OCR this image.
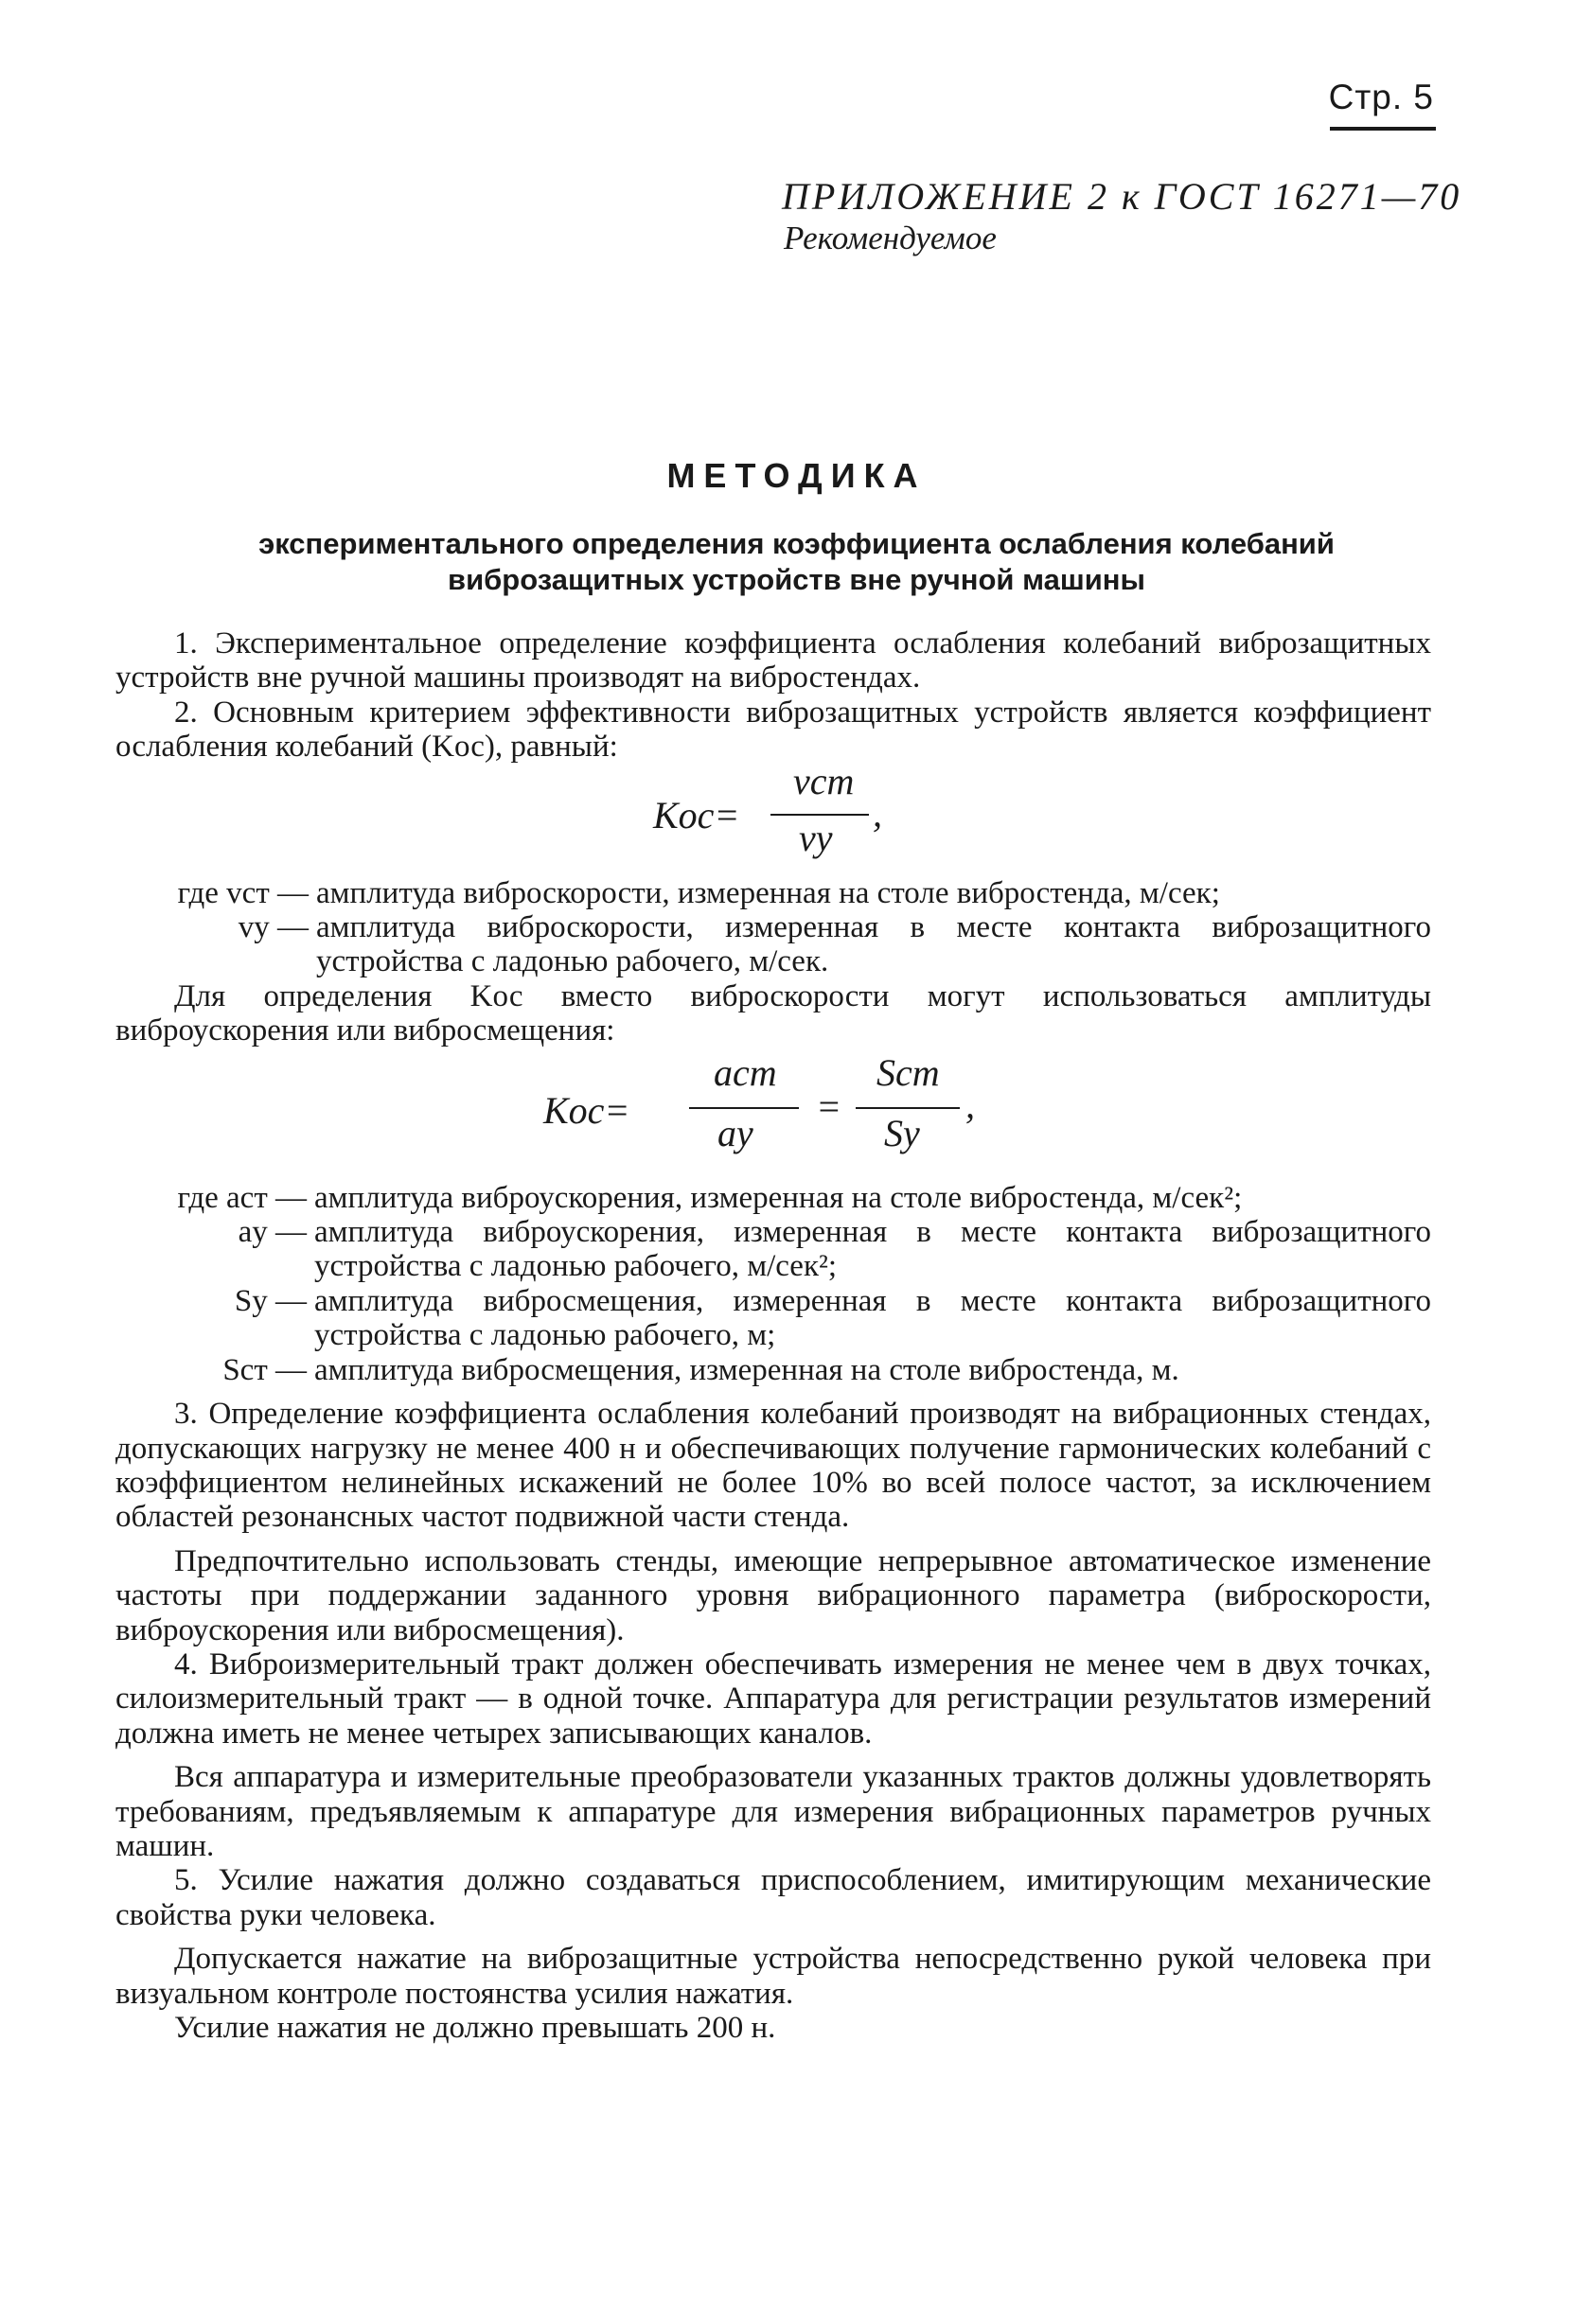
Стр. 5
ПРИЛОЖЕНИЕ 2 к ГОСТ 16271—70
Рекомендуемое
МЕТОДИКА
экспериментального определения коэффициента ослабления колебаний
виброзащитных устройств вне ручной машины

1. Экспериментальное определение коэффициента ослабления колебаний виброзащитных устройств вне ручной машины производят на вибростендах.

2. Основным критерием эффективности виброзащитных устройств является коэффициент ослабления колебаний (Kос), равный:

Kос=
vст
vу
,
где vст — амплитуда виброскорости, измеренная на столе вибростенда, м/сек;
vу — амплитуда виброскорости, измеренная в месте контакта виброзащитного устройства с ладонью рабочего, м/сек.

Для определения Kос вместо виброскорости могут использоваться амплитуды виброускорения или вибросмещения:

Kос=
aст
aу
=
Sст
Sу
,
где aст — амплитуда виброускорения, измеренная на столе вибростенда, м/сек²;
aу — амплитуда виброускорения, измеренная в месте контакта виброзащитного устройства с ладонью рабочего, м/сек²;
Sу — амплитуда вибросмещения, измеренная в месте контакта виброзащитного устройства с ладонью рабочего, м;
Sст — амплитуда вибросмещения, измеренная на столе вибростенда, м.

3. Определение коэффициента ослабления колебаний производят на вибрационных стендах, допускающих нагрузку не менее 400 н и обеспечивающих получение гармонических колебаний с коэффициентом нелинейных искажений не более 10% во всей полосе частот, за исключением областей резонансных частот подвижной части стенда.

Предпочтительно использовать стенды, имеющие непрерывное автоматическое изменение частоты при поддержании заданного уровня вибрационного параметра (виброскорости, виброускорения или вибросмещения).

4. Виброизмерительный тракт должен обеспечивать измерения не менее чем в двух точках, силоизмерительный тракт — в одной точке. Аппаратура для регистрации результатов измерений должна иметь не менее четырех записывающих каналов.

Вся аппаратура и измерительные преобразователи указанных трактов должны удовлетворять требованиям, предъявляемым к аппаратуре для измерения вибрационных параметров ручных машин.

5. Усилие нажатия должно создаваться приспособлением, имитирующим механические свойства руки человека.

Допускается нажатие на виброзащитные устройства непосредственно рукой человека при визуальном контроле постоянства усилия нажатия.

Усилие нажатия не должно превышать 200 н.
